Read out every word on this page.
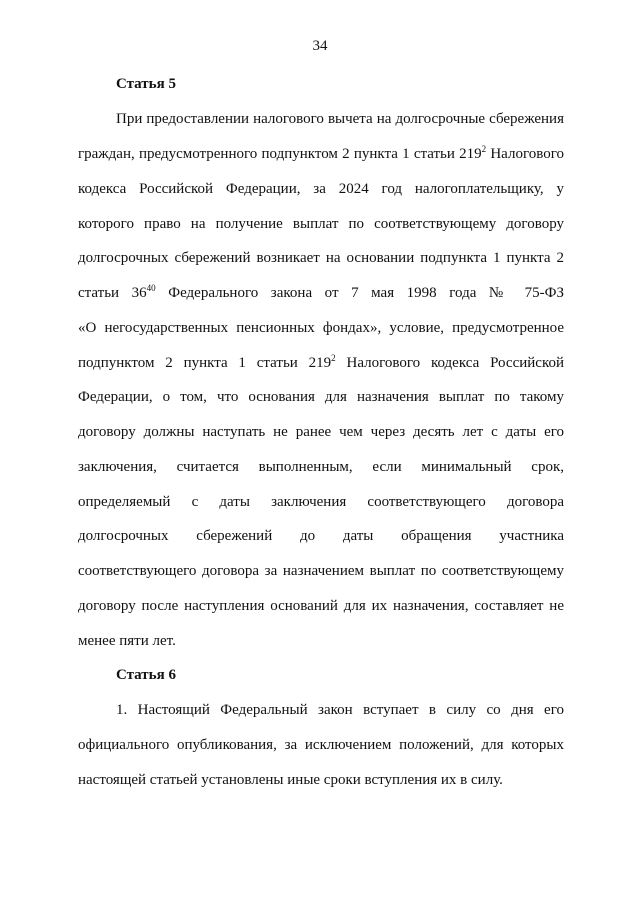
34
Статья 5
При предоставлении налогового вычета на долгосрочные сбережения
граждан, предусмотренного подпунктом 2 пункта 1 статьи $219^2$ Налогового
кодекса Российской Федерации, за 2024 год налогоплательщику, у
которого право на получение выплат по соответствующему договору
долгосрочных сбережений возникает на основании подпункта 1 пункта 2
статьи $36^{40}$ Федерального закона от 7 мая 1998 года № 75-ФЗ
«О негосударственных пенсионных фондах», условие, предусмотренное
подпунктом 2 пункта 1 статьи $219^2$ Налогового кодекса Российской
Федерации, о том, что основания для назначения выплат по такому
договору должны наступать не ранее чем через десять лет с даты его
заключения, считается выполненным, если минимальный срок,
определяемый с даты заключения соответствующего договора
долгосрочных сбережений до даты обращения участника
соответствующего договора за назначением выплат по соответствующему
договору после наступления оснований для их назначения, составляет не
менее пяти лет.
Статья 6
1. Настоящий Федеральный закон вступает в силу со дня его
официального опубликования, за исключением положений, для которых
настоящей статьей установлены иные сроки вступления их в силу.
